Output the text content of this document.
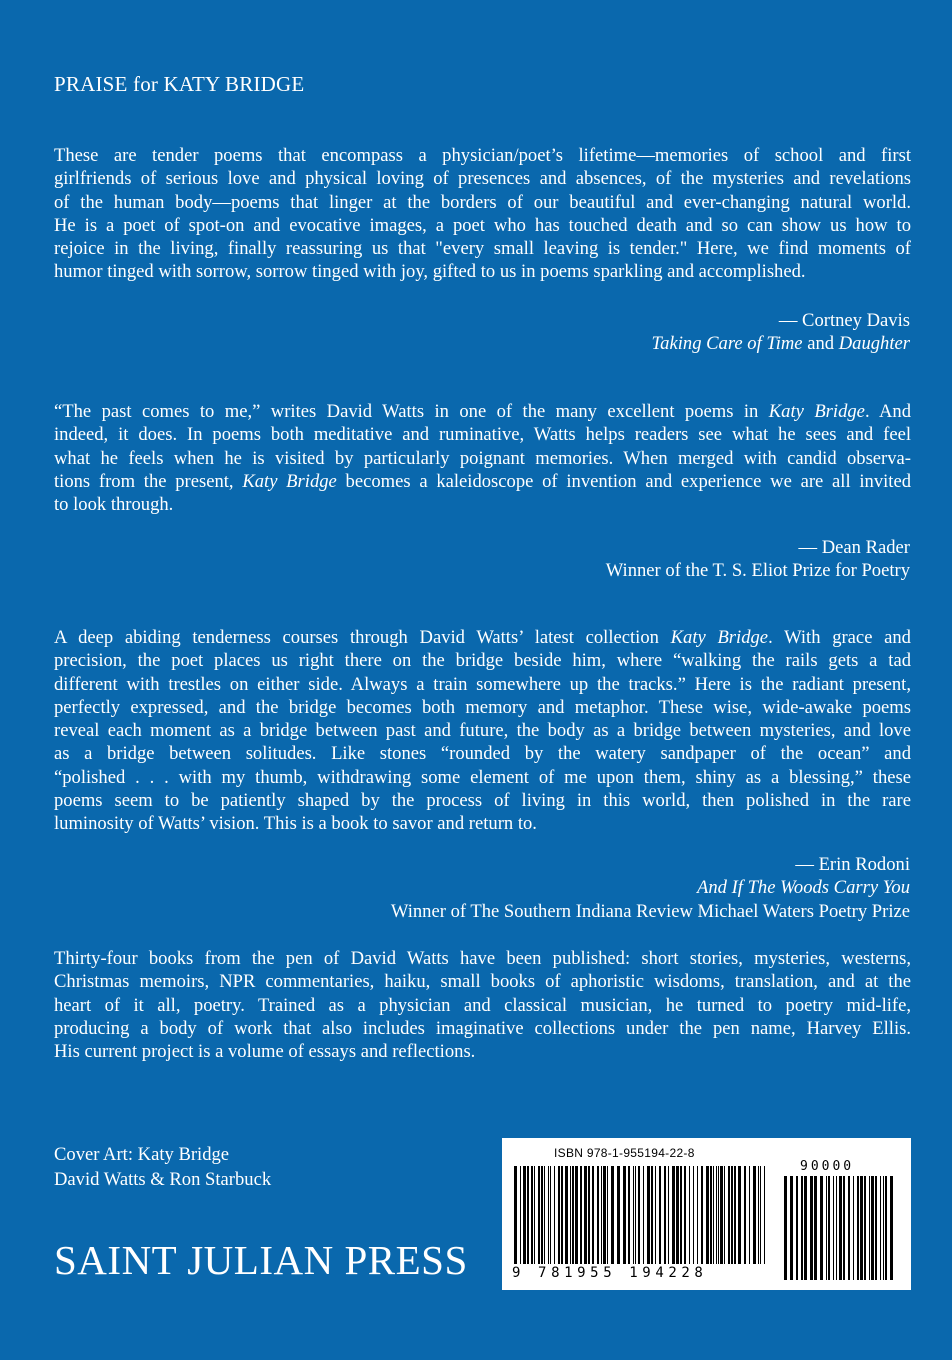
PRAISE for KATY BRIDGE
These are tender poems that encompass a physician/poet’s lifetime—memories of school and first
girlfriends of serious love and physical loving of presences and absences, of the mysteries and revelations
of the human body—poems that linger at the borders of our beautiful and ever-changing natural world.
He is a poet of spot-on and evocative images, a poet who has touched death and so can show us how to
rejoice in the living, finally reassuring us that "every small leaving is tender." Here, we find moments of
humor tinged with sorrow, sorrow tinged with joy, gifted to us in poems sparkling and accomplished.
— Cortney Davis
Taking Care of Time and Daughter
“The past comes to me,” writes David Watts in one of the many excellent poems in Katy Bridge. And
indeed, it does. In poems both meditative and ruminative, Watts helps readers see what he sees and feel
what he feels when he is visited by particularly poignant memories. When merged with candid observa-
tions from the present, Katy Bridge becomes a kaleidoscope of invention and experience we are all invited
to look through.
— Dean Rader
Winner of the T. S. Eliot Prize for Poetry
A deep abiding tenderness courses through David Watts’ latest collection Katy Bridge. With grace and
precision, the poet places us right there on the bridge beside him, where “walking the rails gets a tad
different with trestles on either side. Always a train somewhere up the tracks.” Here is the radiant present,
perfectly expressed, and the bridge becomes both memory and metaphor. These wise, wide-awake poems
reveal each moment as a bridge between past and future, the body as a bridge between mysteries, and love
as a bridge between solitudes. Like stones “rounded by the watery sandpaper of the ocean” and
“polished . . . with my thumb, withdrawing some element of me upon them, shiny as a blessing,” these
poems seem to be patiently shaped by the process of living in this world, then polished in the rare
luminosity of Watts’ vision. This is a book to savor and return to.
— Erin Rodoni
And If The Woods Carry You
Winner of The Southern Indiana Review Michael Waters Poetry Prize
Thirty-four books from the pen of David Watts have been published: short stories, mysteries, westerns,
Christmas memoirs, NPR commentaries, haiku, small books of aphoristic wisdoms, translation, and at the
heart of it all, poetry. Trained as a physician and classical musician, he turned to poetry mid-life,
producing a body of work that also includes imaginative collections under the pen name, Harvey Ellis.
His current project is a volume of essays and reflections.
Cover Art: Katy Bridge
David Watts & Ron Starbuck
SAINT JULIAN PRESS
ISBN 978-1-955194-22-8
9 781955 194228
90000
